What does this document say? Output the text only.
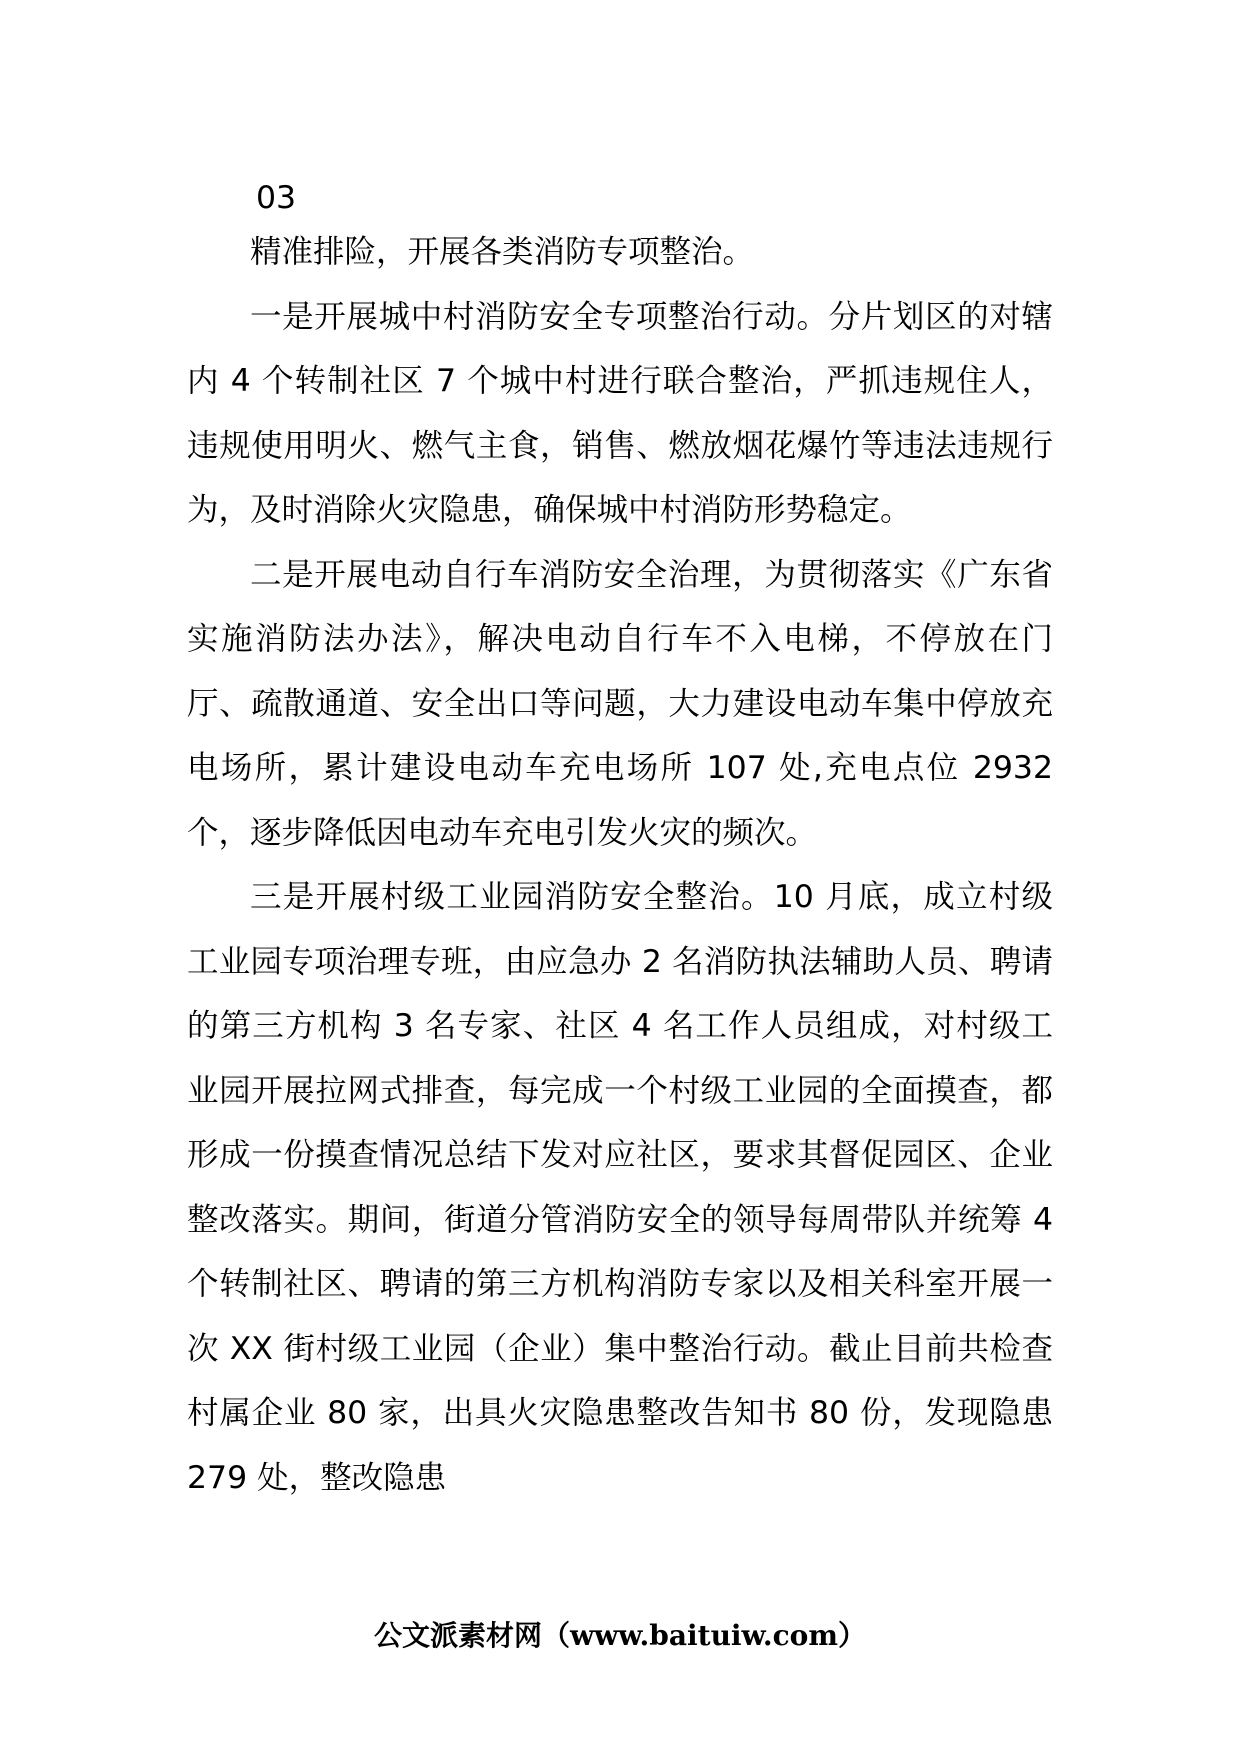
03

精准排险，开展各类消防专项整治。

一是开展城中村消防安全专项整治行动。分片划区的对辖内 4 个转制社区 7 个城中村进行联合整治，严抓违规住人，违规使用明火、燃气主食，销售、燃放烟花爆竹等违法违规行为，及时消除火灾隐患，确保城中村消防形势稳定。

二是开展电动自行车消防安全治理，为贯彻落实《广东省实施消防法办法》，解决电动自行车不入电梯，不停放在门厅、疏散通道、安全出口等问题，大力建设电动车集中停放充电场所，累计建设电动车充电场所 107 处,充电点位 2932 个，逐步降低因电动车充电引发火灾的频次。

三是开展村级工业园消防安全整治。10 月底，成立村级工业园专项治理专班，由应急办 2 名消防执法辅助人员、聘请的第三方机构 3 名专家、社区 4 名工作人员组成，对村级工业园开展拉网式排查，每完成一个村级工业园的全面摸查，都形成一份摸查情况总结下发对应社区，要求其督促园区、企业整改落实。期间，街道分管消防安全的领导每周带队并统筹 4 个转制社区、聘请的第三方机构消防专家以及相关科室开展一次 XX 街村级工业园（企业）集中整治行动。截止目前共检查村属企业 80 家，出具火灾隐患整改告知书 80 份，发现隐患 279 处，整改隐患

公文派素材网（www.baituiw.com）
